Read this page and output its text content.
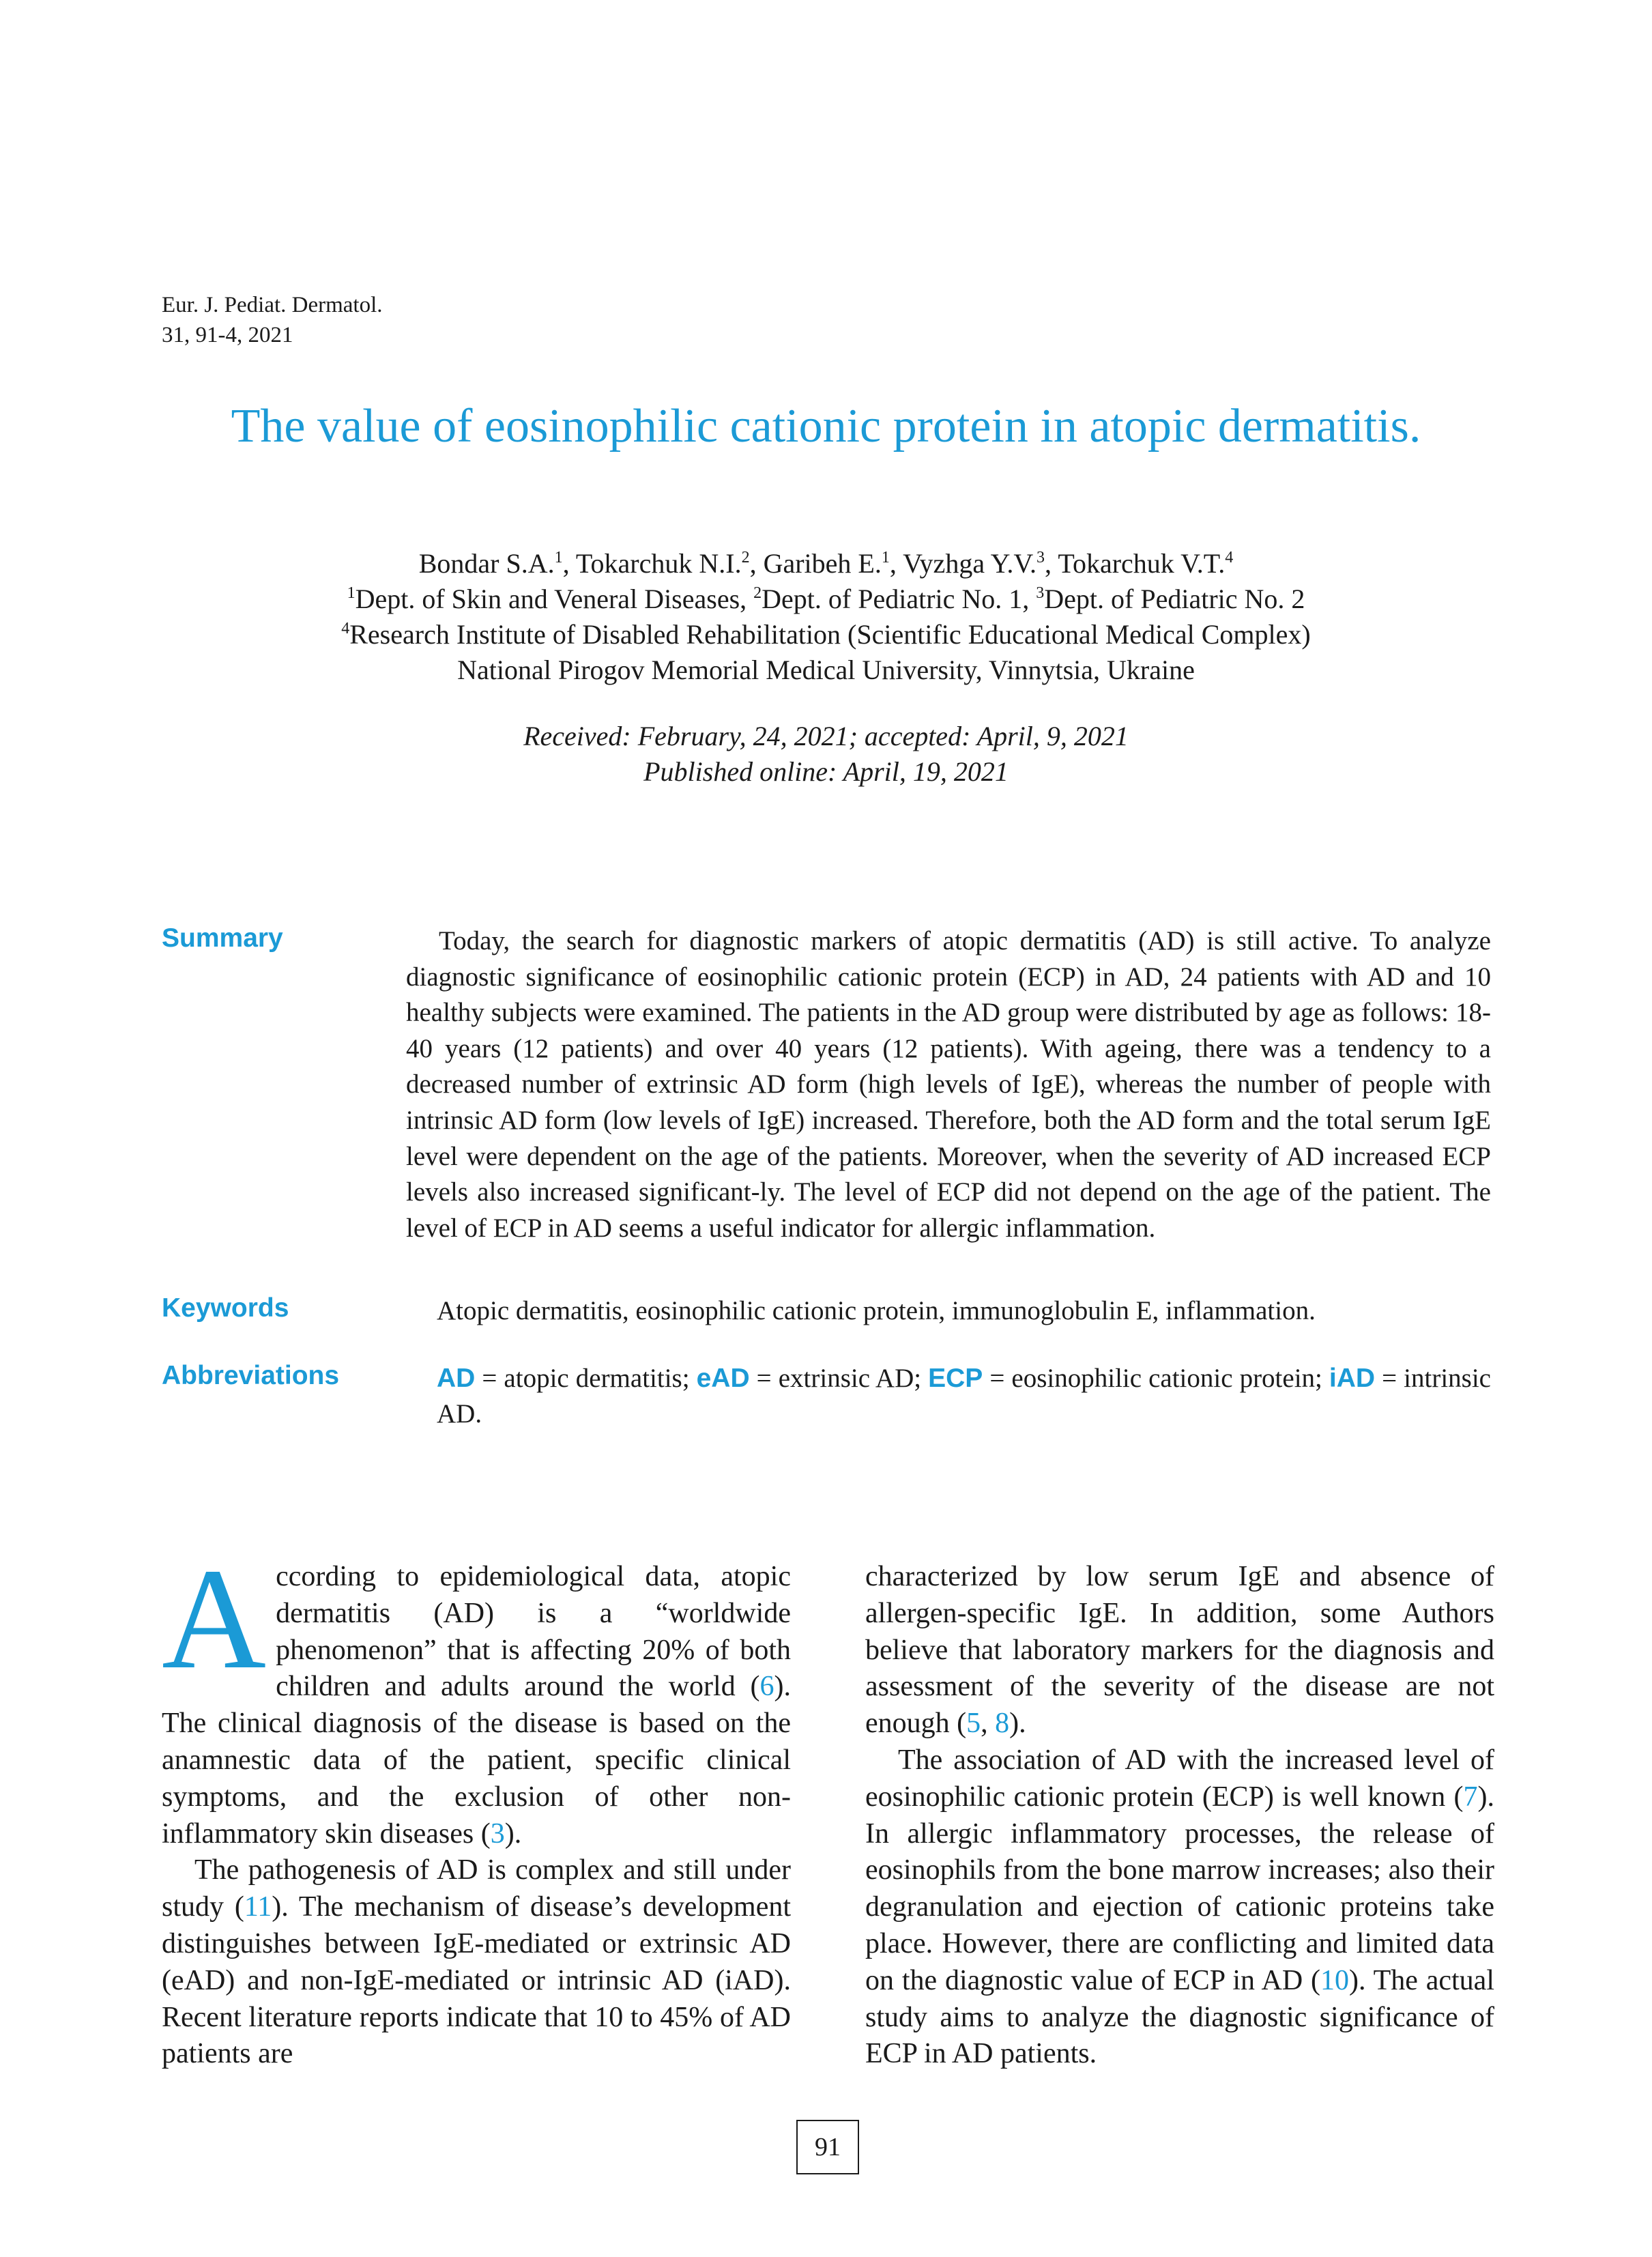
Eur. J. Pediat. Dermatol.
31, 91-4, 2021
The value of eosinophilic cationic protein in atopic dermatitis.
Bondar S.A.$^1$, Tokarchuk N.I.$^2$, Garibeh E.$^1$, Vyzhga Y.V.$^3$, Tokarchuk V.T.$^4$
$^1$Dept. of Skin and Veneral Diseases, $^2$Dept. of Pediatric No. 1, $^3$Dept. of Pediatric No. 2
$^4$Research Institute of Disabled Rehabilitation (Scientific Educational Medical Complex)
National Pirogov Memorial Medical University, Vinnytsia, Ukraine
Received: February, 24, 2021; accepted: April, 9, 2021
Published online: April, 19, 2021
Summary	Today, the search for diagnostic markers of atopic dermatitis (AD) is still active. To analyze diagnostic significance of eosinophilic cationic protein (ECP) in AD, 24 patients with AD and 10 healthy subjects were examined. The patients in the AD group were distributed by age as follows: 18-40 years (12 patients) and over 40 years (12 patients). With ageing, there was a tendency to a decreased number of extrinsic AD form (high levels of IgE), whereas the number of people with intrinsic AD form (low levels of IgE) increased. Therefore, both the AD form and the total serum IgE level were dependent on the age of the patients. Moreover, when the severity of AD increased ECP levels also increased significant-ly. The level of ECP did not depend on the age of the patient. The level of ECP in AD seems a useful indicator for allergic inflammation.
Keywords	Atopic dermatitis, eosinophilic cationic protein, immunoglobulin E, inflammation.
Abbreviations	AD = atopic dermatitis; eAD = extrinsic AD; ECP = eosinophilic cationic protein; iAD = intrinsic AD.

According to epidemiological data, atopic dermatitis (AD) is a “worldwide phenomenon” that is affecting 20% of both children and adults around the world (6). The clinical diagnosis of the disease is based on the anamnestic data of the patient, specific clinical symptoms, and the exclusion of other non-inflammatory skin diseases (3).

The pathogenesis of AD is complex and still under study (11). The mechanism of disease’s development distinguishes between IgE-mediated or extrinsic AD (eAD) and non-IgE-mediated or intrinsic AD (iAD). Recent literature reports indicate that 10 to 45% of AD patients are

characterized by low serum IgE and absence of allergen-specific IgE. In addition, some Authors believe that laboratory markers for the diagnosis and assessment of the severity of the disease are not enough (5, 8).

The association of AD with the increased level of eosinophilic cationic protein (ECP) is well known (7). In allergic inflammatory processes, the release of eosinophils from the bone marrow increases; also their degranulation and ejection of cationic proteins take place. However, there are conflicting and limited data on the diagnostic value of ECP in AD (10). The actual study aims to analyze the diagnostic significance of ECP in AD patients.

91
